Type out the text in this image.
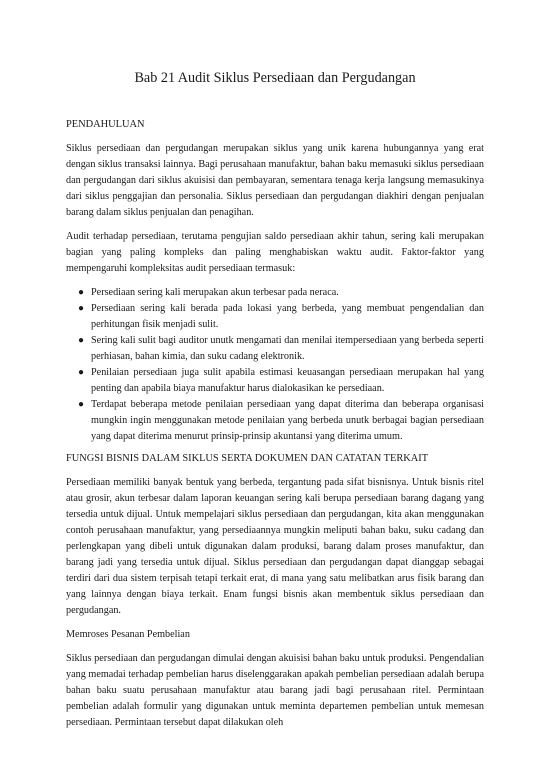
Bab 21 Audit Siklus Persediaan dan Pergudangan
PENDAHULUAN

Siklus persediaan dan pergudangan merupakan siklus yang unik karena hubungannya yang erat dengan siklus transaksi lainnya. Bagi perusahaan manufaktur, bahan baku memasuki siklus persediaan dan pergudangan dari siklus akuisisi dan pembayaran, sementara tenaga kerja langsung memasukinya dari siklus penggajian dan personalia. Siklus persediaan dan pergudangan diakhiri dengan penjualan barang dalam siklus penjualan dan penagihan.

Audit terhadap persediaan, terutama pengujian saldo persediaan akhir tahun, sering kali merupakan bagian yang paling kompleks dan paling menghabiskan waktu audit. Faktor-faktor yang mempengaruhi kompleksitas audit persediaan termasuk:

● Persediaan sering kali merupakan akun terbesar pada neraca.
● Persediaan sering kali berada pada lokasi yang berbeda, yang membuat pengendalian dan perhitungan fisik menjadi sulit.
● Sering kali sulit bagi auditor unutk mengamati dan menilai itempersediaan yang berbeda seperti perhiasan, bahan kimia, dan suku cadang elektronik.
● Penilaian persediaan juga sulit apabila estimasi keuasangan persediaan merupakan hal yang penting dan apabila biaya manufaktur harus dialokasikan ke persediaan.
● Terdapat beberapa metode penilaian persediaan yang dapat diterima dan beberapa organisasi mungkin ingin menggunakan metode penilaian yang berbeda unutk berbagai bagian persediaan yang dapat diterima menurut prinsip-prinsip akuntansi yang diterima umum.
FUNGSI BISNIS DALAM SIKLUS SERTA DOKUMEN DAN CATATAN TERKAIT

Persediaan memiliki banyak bentuk yang berbeda, tergantung pada sifat bisnisnya. Untuk bisnis ritel atau grosir, akun terbesar dalam laporan keuangan sering kali berupa persediaan barang dagang yang tersedia untuk dijual. Untuk mempelajari siklus persediaan dan pergudangan, kita akan menggunakan contoh perusahaan manufaktur, yang persediaannya mungkin meliputi bahan baku, suku cadang dan perlengkapan yang dibeli untuk digunakan dalam produksi, barang dalam proses manufaktur, dan barang jadi yang tersedia untuk dijual. Siklus persediaan dan pergudangan dapat dianggap sebagai terdiri dari dua sistem terpisah tetapi terkait erat, di mana yang satu melibatkan arus fisik barang dan yang lainnya dengan biaya terkait. Enam fungsi bisnis akan membentuk siklus persediaan dan pergudangan.

Memroses Pesanan Pembelian

Siklus persediaan dan pergudangan dimulai dengan akuisisi bahan baku untuk produksi. Pengendalian yang memadai terhadap pembelian harus diselenggarakan apakah pembelian persediaan adalah berupa bahan baku suatu perusahaan manufaktur atau barang jadi bagi perusahaan ritel. Permintaan pembelian adalah formulir yang digunakan untuk meminta departemen pembelian untuk memesan persediaan. Permintaan tersebut dapat dilakukan oleh
